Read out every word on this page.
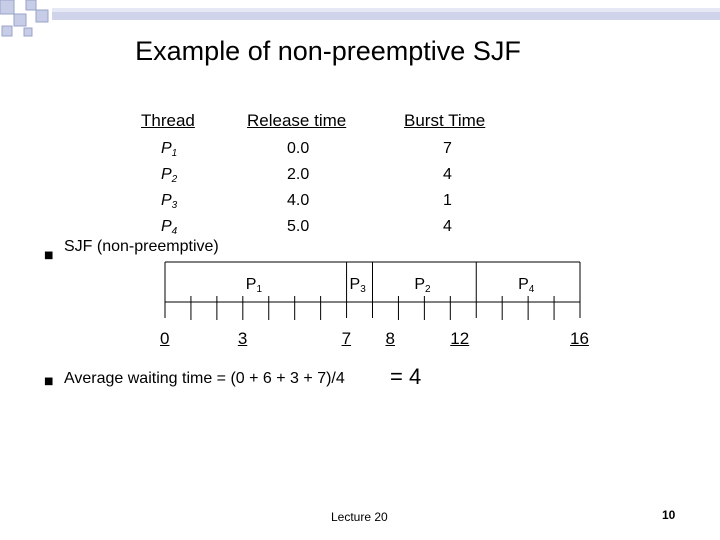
Example of non-preemptive SJF
Thread	Release time	Burst Time
$P_1$	0.0	7
$P_2$	2.0	4
$P_3$	4.0	1
$P_4$	5.0	4
■
SJF (non-preemptive)
$P_1$	$P_3$	$P_2$	$P_4$
0	3	7 8	12	16
■ Average waiting time = (0 + 6 + 3 + 7)/4 = 4
Lecture 20	10
